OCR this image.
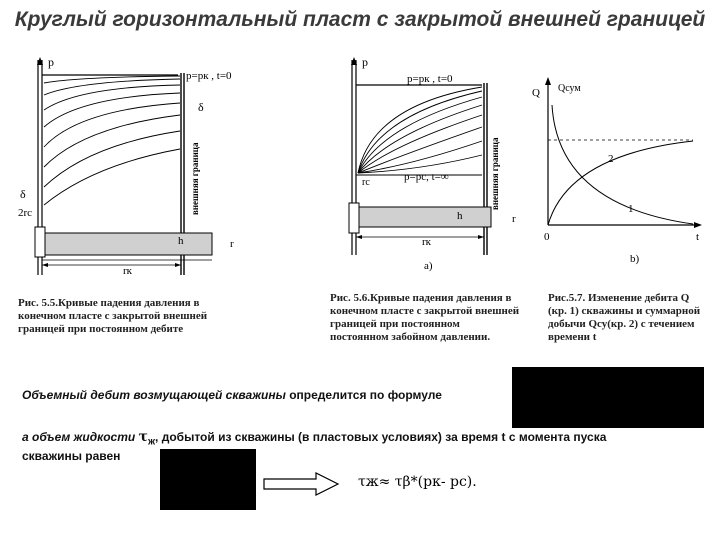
Круглый горизонтальный пласт с закрытой внешней границей
p
p=pк , t=0
δ
δ
2rc
h	r
rк
внешняя граница
Рис. 5.5.Кривые падения давления в
конечном пласте с закрытой внешней
границей при постоянном дебите
p
p=pк , t=0
p=pс, t=∞
rc
h	r
rк
внешняя граница
a)
Рис. 5.6.Кривые падения давления в
конечном пласте с закрытой внешней
границей при постоянном
постоянном забойном давлении.
Q Qсум
2
1
0	t
b)
Рис.5.7. Изменение дебита Q
(кр. 1) скважины и суммарной
добычи Qсу(кр. 2) с течением
времени t
Объемный дебит возмущающей скважины определится по формуле
а объем жидкости $\tau_ж$, добытой из скважины (в пластовых условиях) за время t с момента пуска
скважины равен
τж≈ τβ*(pк- pс).
